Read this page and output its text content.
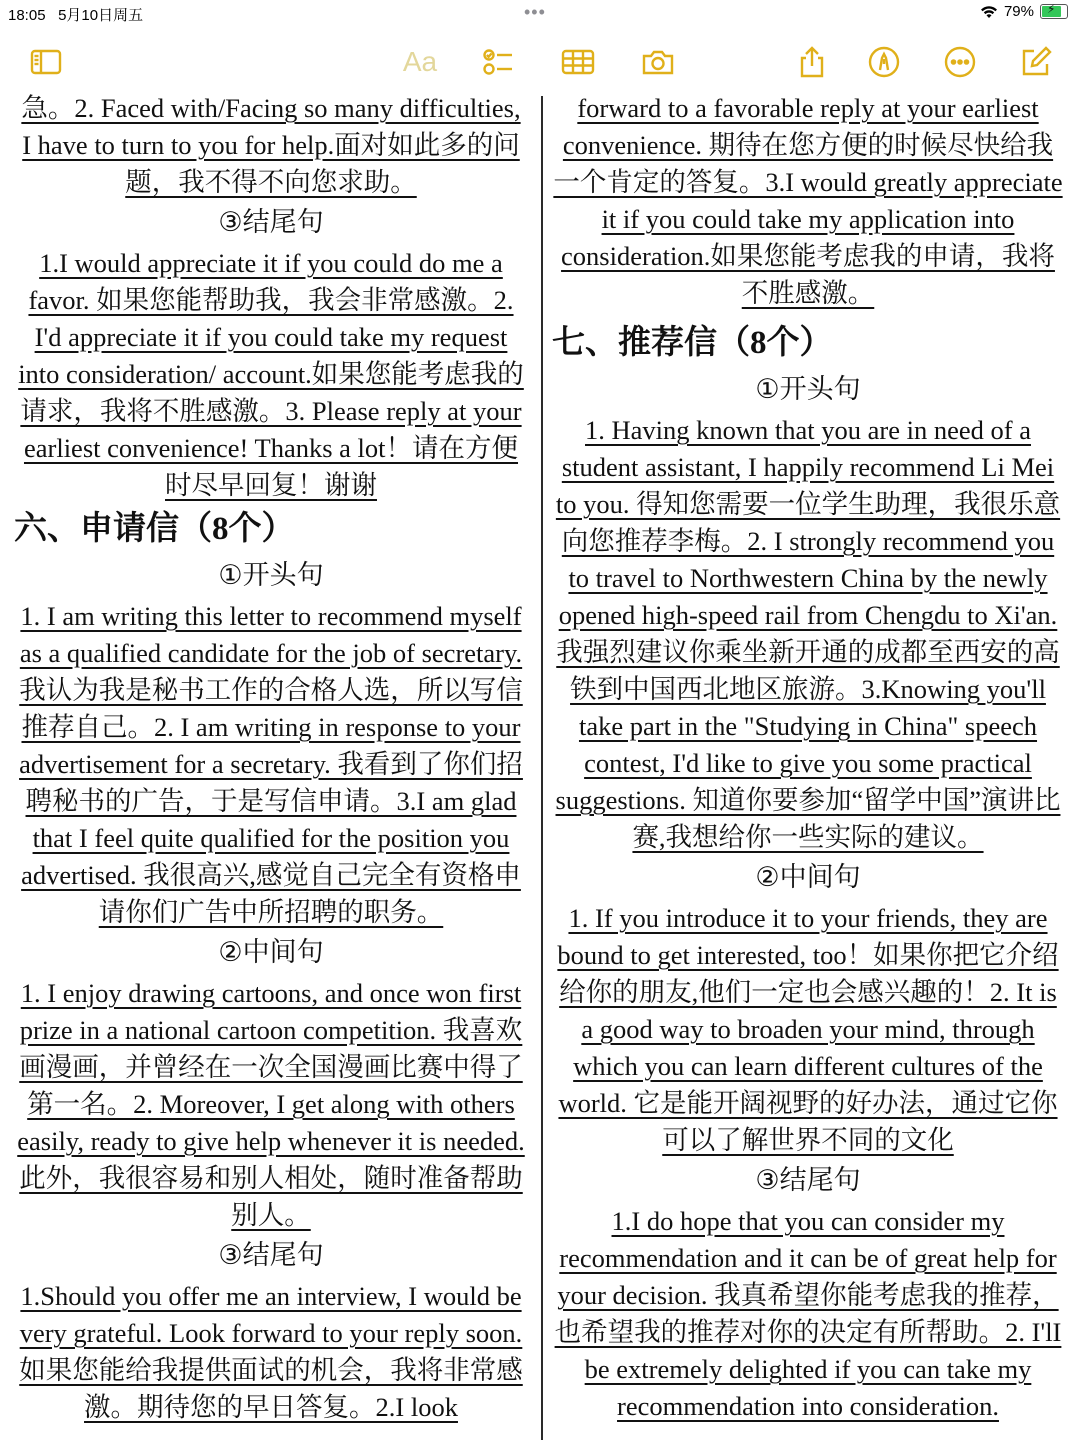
18:05 5月10日周五	•••	79% ⚡
Aa

急。2. Faced with/Facing so many difficulties, I have to turn to you for help.面对如此多的问题，我不得不向您求助。

③结尾句

1.I would appreciate it if you could do me a favor. 如果您能帮助我，我会非常感激。2. I'd appreciate it if you could take my request into consideration/ account.如果您能考虑我的请求，我将不胜感激。3. Please reply at your earliest convenience! Thanks a lot！请在方便时尽早回复！谢谢

六、申请信（8个）

①开头句

1. I am writing this letter to recommend myself as a qualified candidate for the job of secretary. 我认为我是秘书工作的合格人选，所以写信推荐自己。2. I am writing in response to your advertisement for a secretary. 我看到了你们招聘秘书的广告，于是写信申请。3.I am glad that I feel quite qualified for the position you advertised. 我很高兴,感觉自己完全有资格申请你们广告中所招聘的职务。

②中间句

1. I enjoy drawing cartoons, and once won first prize in a national cartoon competition. 我喜欢画漫画，并曾经在一次全国漫画比赛中得了第一名。2. Moreover, I get along with others easily, ready to give help whenever it is needed. 此外，我很容易和别人相处，随时准备帮助别人。

③结尾句

1.Should you offer me an interview, I would be very grateful. Look forward to your reply soon. 如果您能给我提供面试的机会，我将非常感激。期待您的早日答复。2.I look

forward to a favorable reply at your earliest convenience. 期待在您方便的时候尽快给我一个肯定的答复。3.I would greatly appreciate it if you could take my application into consideration.如果您能考虑我的申请，我将不胜感激。

七、推荐信（8个）

①开头句

1. Having known that you are in need of a student assistant, I happily recommend Li Mei to you. 得知您需要一位学生助理，我很乐意向您推荐李梅。2. I strongly recommend you to travel to Northwestern China by the newly opened high-speed rail from Chengdu to Xi'an.我强烈建议你乘坐新开通的成都至西安的高铁到中国西北地区旅游。3.Knowing you'll take part in the "Studying in China" speech contest, I'd like to give you some practical suggestions. 知道你要参加“留学中国”演讲比赛,我想给你一些实际的建议。

②中间句

1. If you introduce it to your friends, they are bound to get interested, too！如果你把它介绍给你的朋友,他们一定也会感兴趣的！2. It is a good way to broaden your mind, through which you can learn different cultures of the world. 它是能开阔视野的好办法，通过它你可以了解世界不同的文化

③结尾句

1.I do hope that you can consider my recommendation and it can be of great help for your decision. 我真希望你能考虑我的推荐，也希望我的推荐对你的决定有所帮助。2. I'lI be extremely delighted if you can take my recommendation into consideration.
